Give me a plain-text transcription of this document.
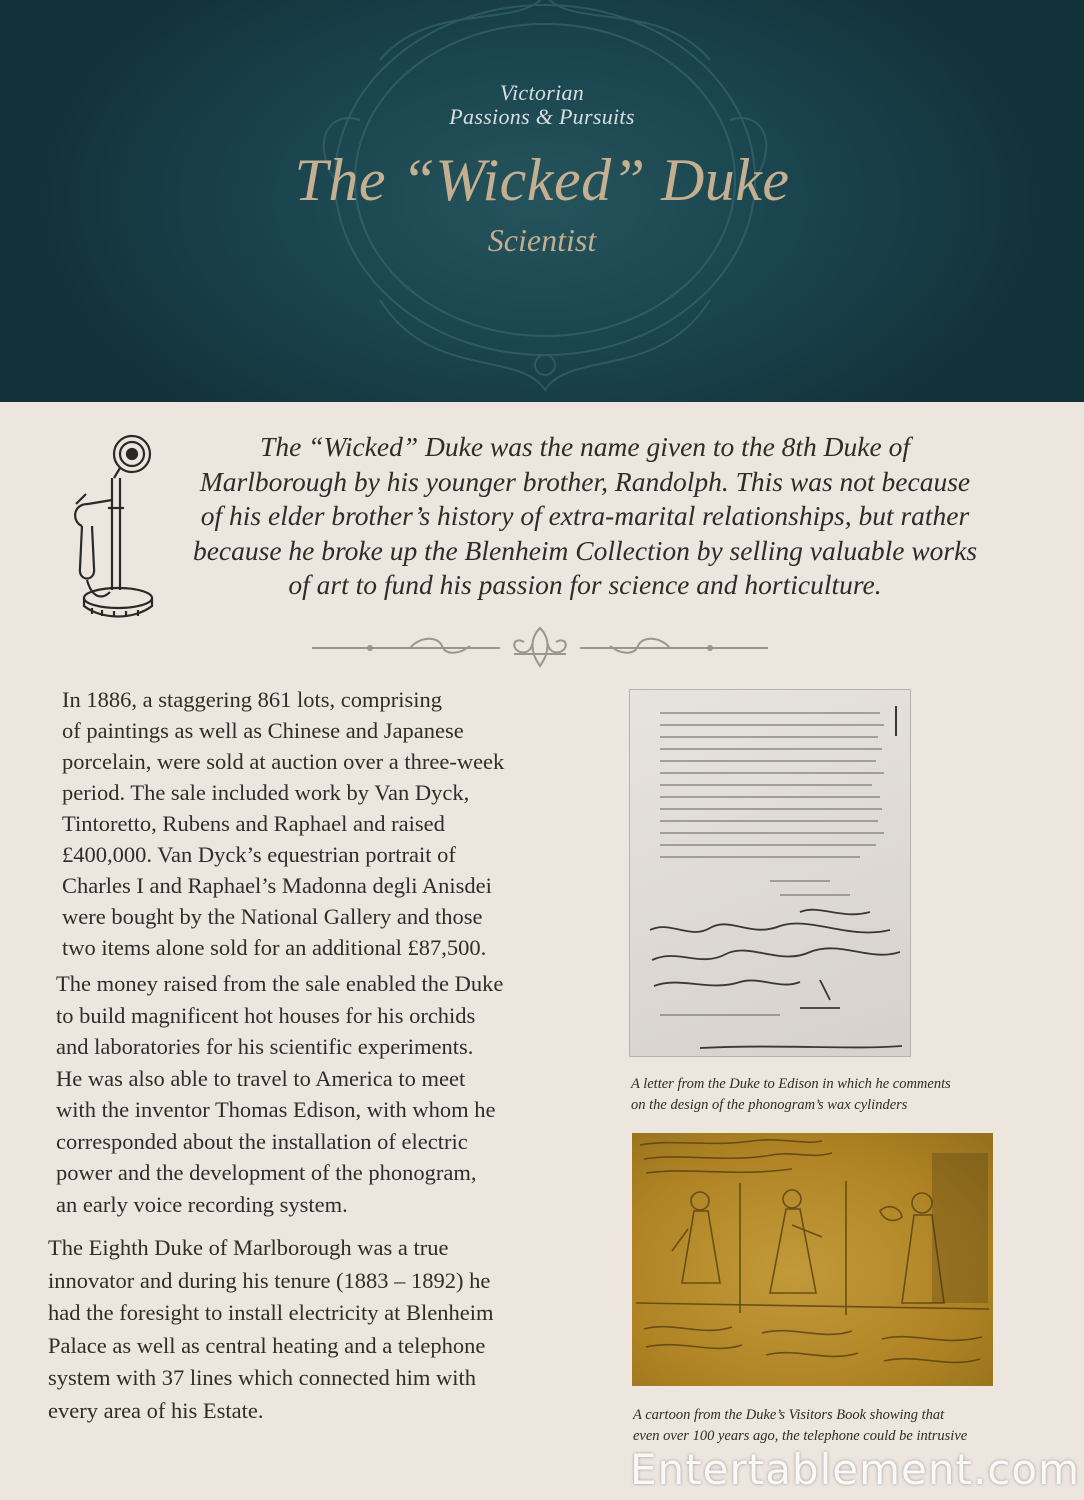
Victorian
Passions & Pursuits
The “Wicked” Duke
Scientist
The “Wicked” Duke was the name given to the 8th Duke of
Marlborough by his younger brother, Randolph. This was not because
of his elder brother’s history of extra-marital relationships, but rather
because he broke up the Blenheim Collection by selling valuable works
of art to fund his passion for science and horticulture.
In 1886, a staggering 861 lots, comprising
of paintings as well as Chinese and Japanese
porcelain, were sold at auction over a three-week
period. The sale included work by Van Dyck,
Tintoretto, Rubens and Raphael and raised
£400,000. Van Dyck’s equestrian portrait of
Charles I and Raphael’s Madonna degli Anisdei
were bought by the National Gallery and those
two items alone sold for an additional £87,500.
The money raised from the sale enabled the Duke
to build magnificent hot houses for his orchids
and laboratories for his scientific experiments.
He was also able to travel to America to meet
with the inventor Thomas Edison, with whom he
corresponded about the installation of electric
power and the development of the phonogram,
an early voice recording system.
The Eighth Duke of Marlborough was a true
innovator and during his tenure (1883 – 1892) he
had the foresight to install electricity at Blenheim
Palace as well as central heating and a telephone
system with 37 lines which connected him with
every area of his Estate.
A letter from the Duke to Edison in which he comments
on the design of the phonogram’s wax cylinders
A cartoon from the Duke’s Visitors Book showing that
even over 100 years ago, the telephone could be intrusive
Entertablement.com
